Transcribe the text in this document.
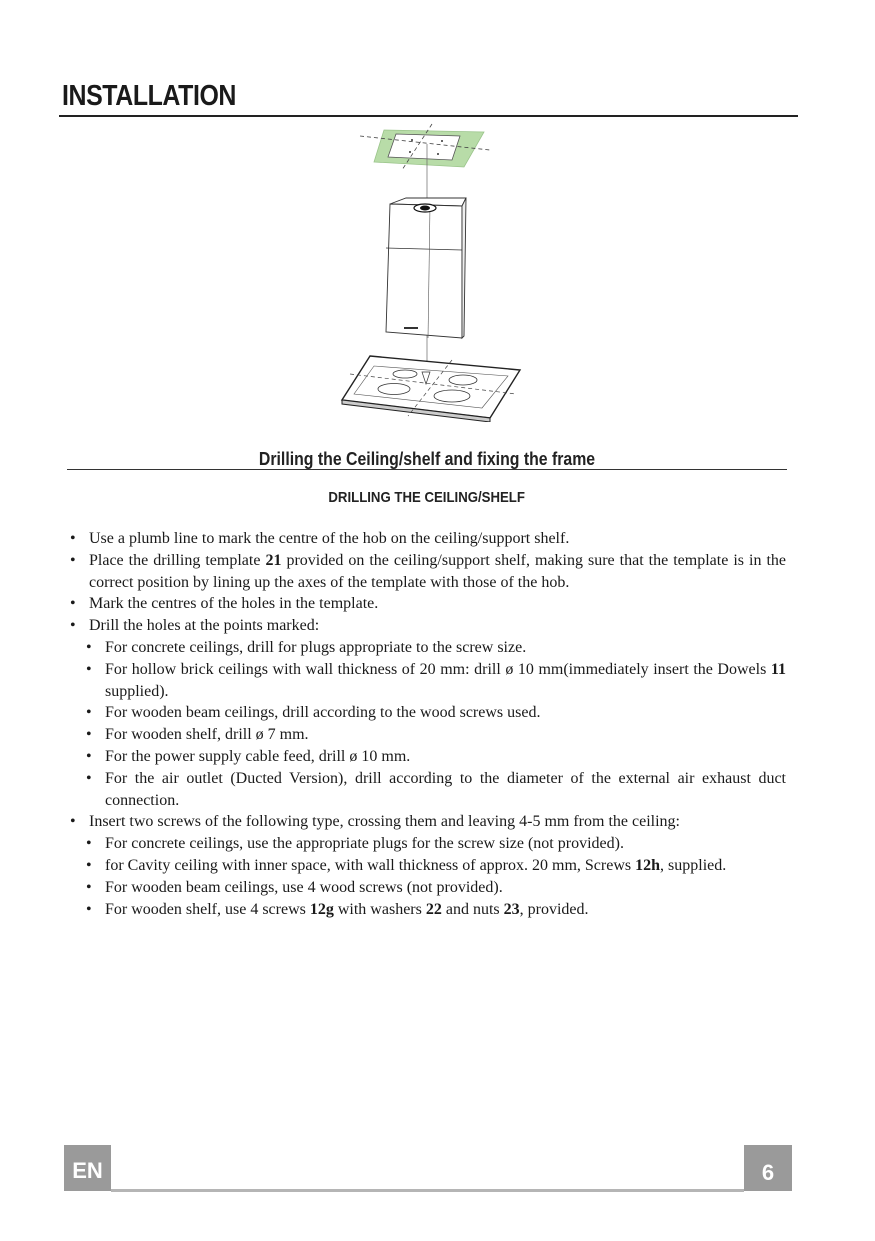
INSTALLATION
Drilling the Ceiling/shelf and fixing the frame
DRILLING THE CEILING/SHELF
• Use a plumb line to mark the centre of the hob on the ceiling/support shelf.
• Place the drilling template 21 provided on the ceiling/support shelf, making sure that the template is in the correct position by lining up the axes of the template with those of the hob.
• Mark the centres of the holes in the template.
• Drill the holes at the points marked:
• For concrete ceilings, drill for plugs appropriate to the screw size.
• For hollow brick ceilings with wall thickness of 20 mm: drill ø 10 mm(immediately insert the Dowels 11 supplied).
• For wooden beam ceilings, drill according to the wood screws used.
• For wooden shelf, drill ø 7 mm.
• For the power supply cable feed, drill ø 10 mm.
• For the air outlet (Ducted Version), drill according to the diameter of the external air exhaust duct connection.
• Insert two screws of the following type, crossing them and leaving 4-5 mm from the ceiling:
• For concrete ceilings, use the appropriate plugs for the screw size (not provided).
• for Cavity ceiling with inner space, with wall thickness of approx. 20 mm, Screws 12h, supplied.
• For wooden beam ceilings, use 4 wood screws (not provided).
• For wooden shelf, use 4 screws 12g with washers 22 and nuts 23, provided.
EN	6
